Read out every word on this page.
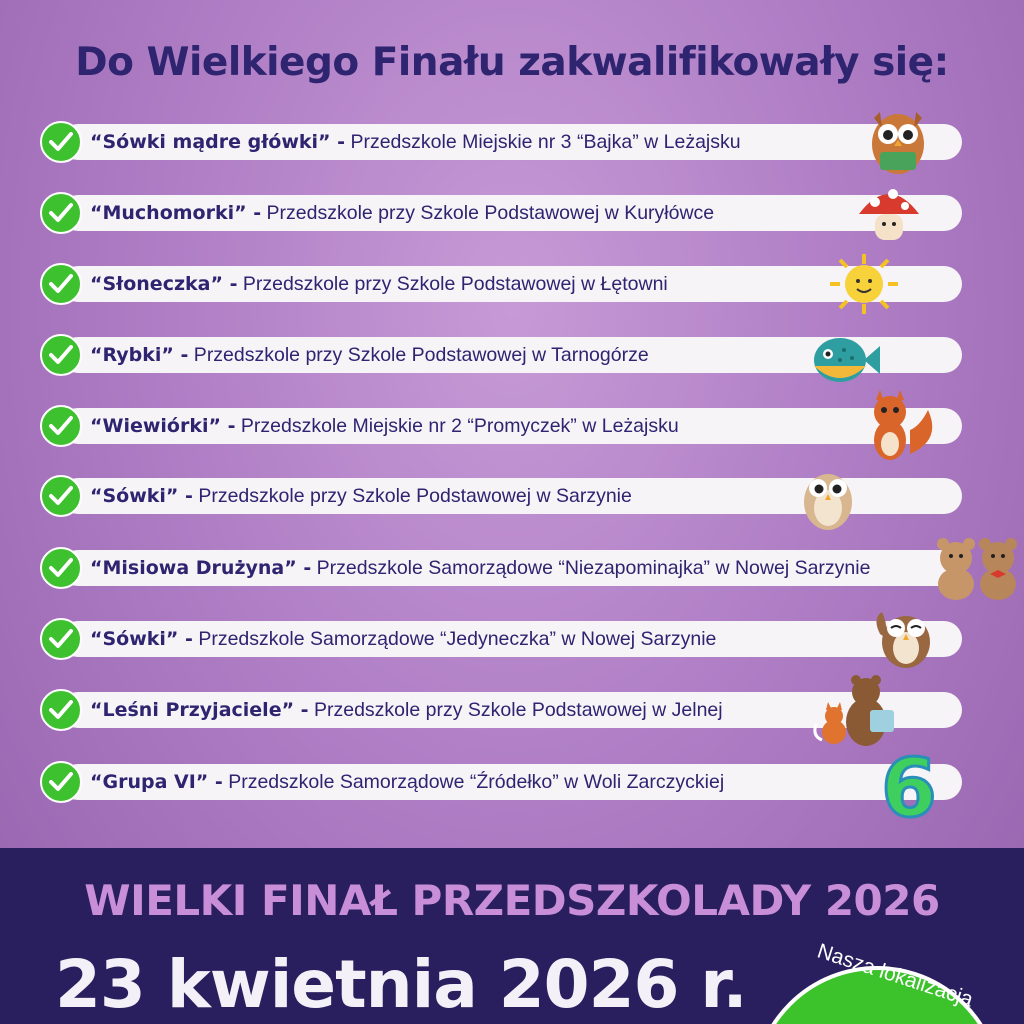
Do Wielkiego Finału zakwalifikowały się:
“Sówki mądre główki” - Przedszkole Miejskie nr 3 “Bajka” w Leżajsku
“Muchomorki” - Przedszkole przy Szkole Podstawowej w Kuryłówce
“Słoneczka” - Przedszkole przy Szkole Podstawowej w Łętowni
“Rybki” - Przedszkole przy Szkole Podstawowej w Tarnogórze
“Wiewiórki” - Przedszkole Miejskie nr 2 “Promyczek” w Leżajsku
“Sówki” - Przedszkole przy Szkole Podstawowej w Sarzynie
“Misiowa Drużyna” - Przedszkole Samorządowe “Niezapominajka” w Nowej Sarzynie
“Sówki” - Przedszkole Samorządowe “Jedyneczka” w Nowej Sarzynie
“Leśni Przyjaciele” - Przedszkole przy Szkole Podstawowej w Jelnej
“Grupa VI” - Przedszkole Samorządowe “Źródełko” w Woli Zarczyckiej 6
WIELKI FINAŁ PRZEDSZKOLADY 2026
23 kwietnia 2026 r.	Nasza lokalizacja
